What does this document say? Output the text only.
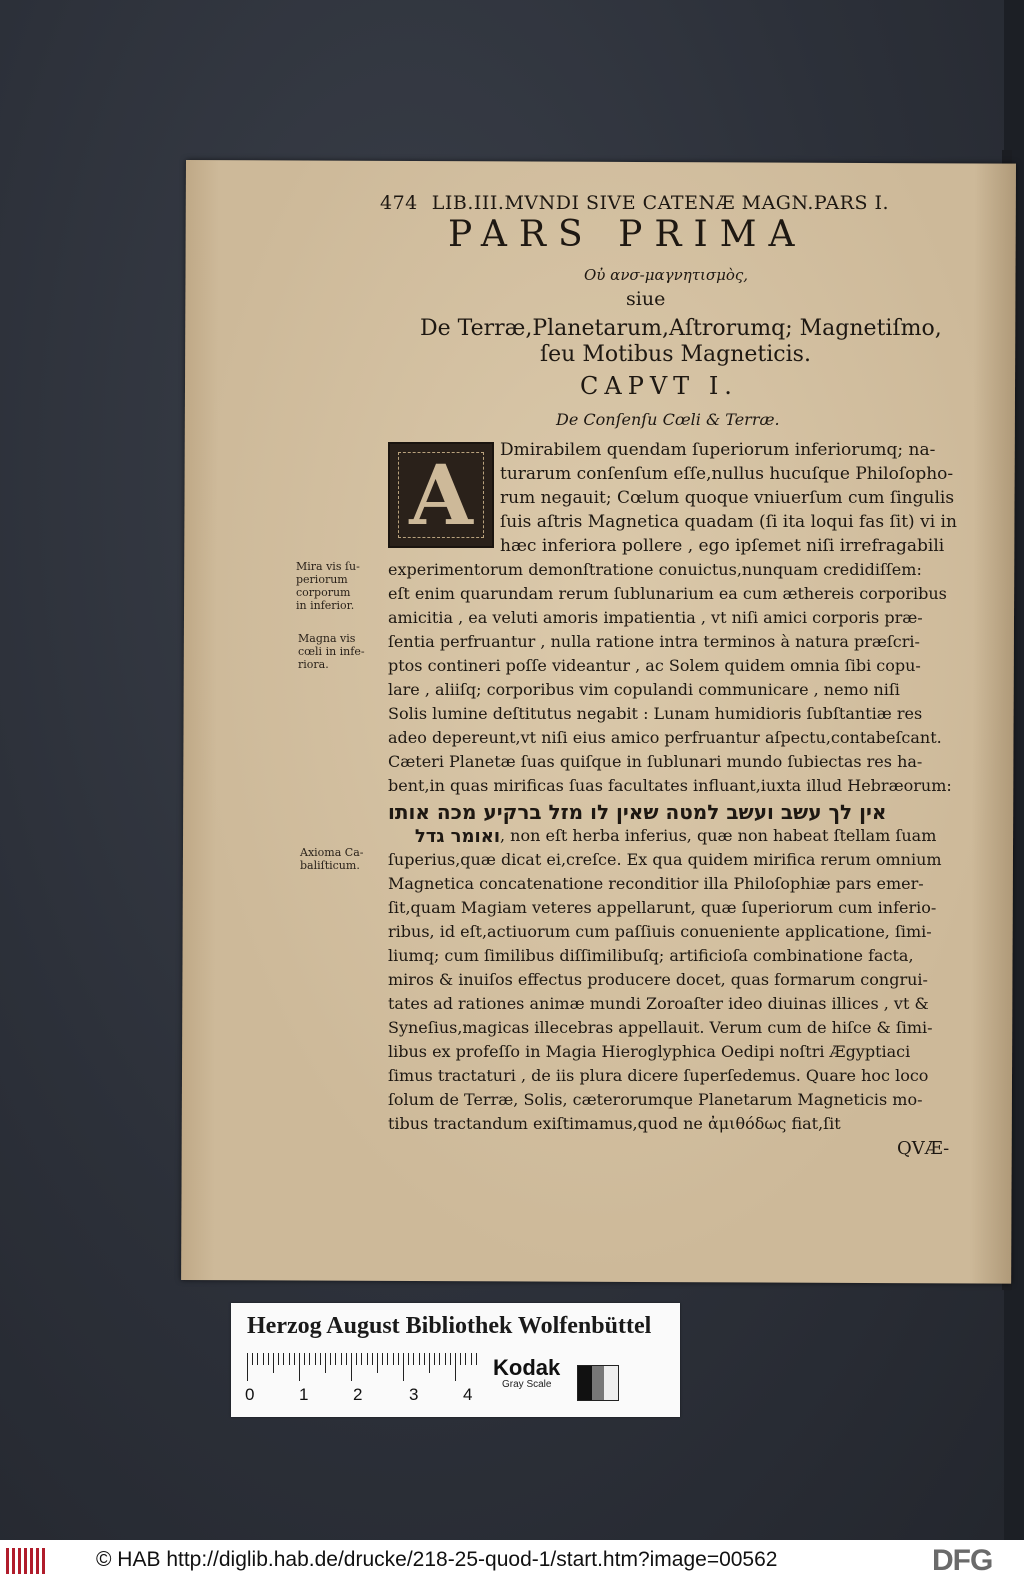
474 LIB.III.MVNDI SIVE CATENÆ MAGN.PARS I.
PARS PRIMA
Οὐ ανσ-μαγνητισμὸς,
siue
De Terræ,Planetarum,Aſtrorumq; Magnetiſmo,
ſeu Motibus Magneticis.
CAPVT I.
De Conſenſu Cœli & Terræ.
A	Dmirabilem quendam ſuperiorum inferiorumq; na-
turarum conſenſum eſſe,nullus hucuſque Philoſopho-
rum negauit; Cœlum quoque vniuerſum cum ſingulis
ſuis aſtris Magnetica quadam (ſi ita loqui fas ſit) vi in
hæc inferiora pollere , ego ipſemet niſi irrefragabili
experimentorum demonſtratione conuictus,nunquam credidiſſem:
eſt enim quarundam rerum ſublunarium ea cum æthereis corporibus
amicitia , ea veluti amoris impatientia , vt niſi amici corporis præ-
ſentia perfruantur , nulla ratione intra terminos à natura præſcri-
ptos contineri poſſe videantur , ac Solem quidem omnia ſibi copu-
lare , aliiſq; corporibus vim copulandi communicare , nemo niſi
Solis lumine deſtitutus negabit : Lunam humidioris ſubſtantiæ res
adeo depereunt,vt niſi eius amico perfruantur aſpectu,contabeſcant.
Cæteri Planetæ ſuas quiſque in ſublunari mundo ſubiectas res ha-
bent,in quas mirificas ſuas facultates influant,iuxta illud Hebræorum:
אין לך עשב ועשב למטה שאין לו מזל ברקיע מכה אותו
ואומר גדל , non eſt herba inferius, quæ non habeat ſtellam ſuam
ſuperius,quæ dicat ei,creſce. Ex qua quidem mirifica rerum omnium
Magnetica concatenatione reconditior illa Philoſophiæ pars emer-
ſit,quam Magiam veteres appellarunt, quæ ſuperiorum cum inferio-
ribus, id eſt,actiuorum cum paſſiuis conueniente applicatione, ſimi-
liumq; cum ſimilibus diſſimilibuſq; artificioſa combinatione facta,
miros & inuiſos effectus producere docet, quas formarum congrui-
tates ad rationes animæ mundi Zoroaſter ideo diuinas illices , vt &
Syneſius,magicas illecebras appellauit. Verum cum de hiſce & ſimi-
libus ex profeſſo in Magia Hieroglyphica Oedipi noſtri Ægyptiaci
ſimus tractaturi , de iis plura dicere ſuperſedemus. Quare hoc loco
ſolum de Terræ, Solis, cæterorumque Planetarum Magneticis mo-
tibus tractandum exiſtimamus,quod ne ἀμιθόδως fiat,ſit
Mira vis ſu-
periorum
corporum
in inferior.
Magna vis
cœli in infe-
riora.
Axioma Ca-
baliſticum.
QVÆ-
Herzog August Bibliothek Wolfenbüttel
0	1	2	3	4
Kodak
Gray Scale
© HAB http://diglib.hab.de/drucke/218-25-quod-1/start.htm?image=00562	DFG
